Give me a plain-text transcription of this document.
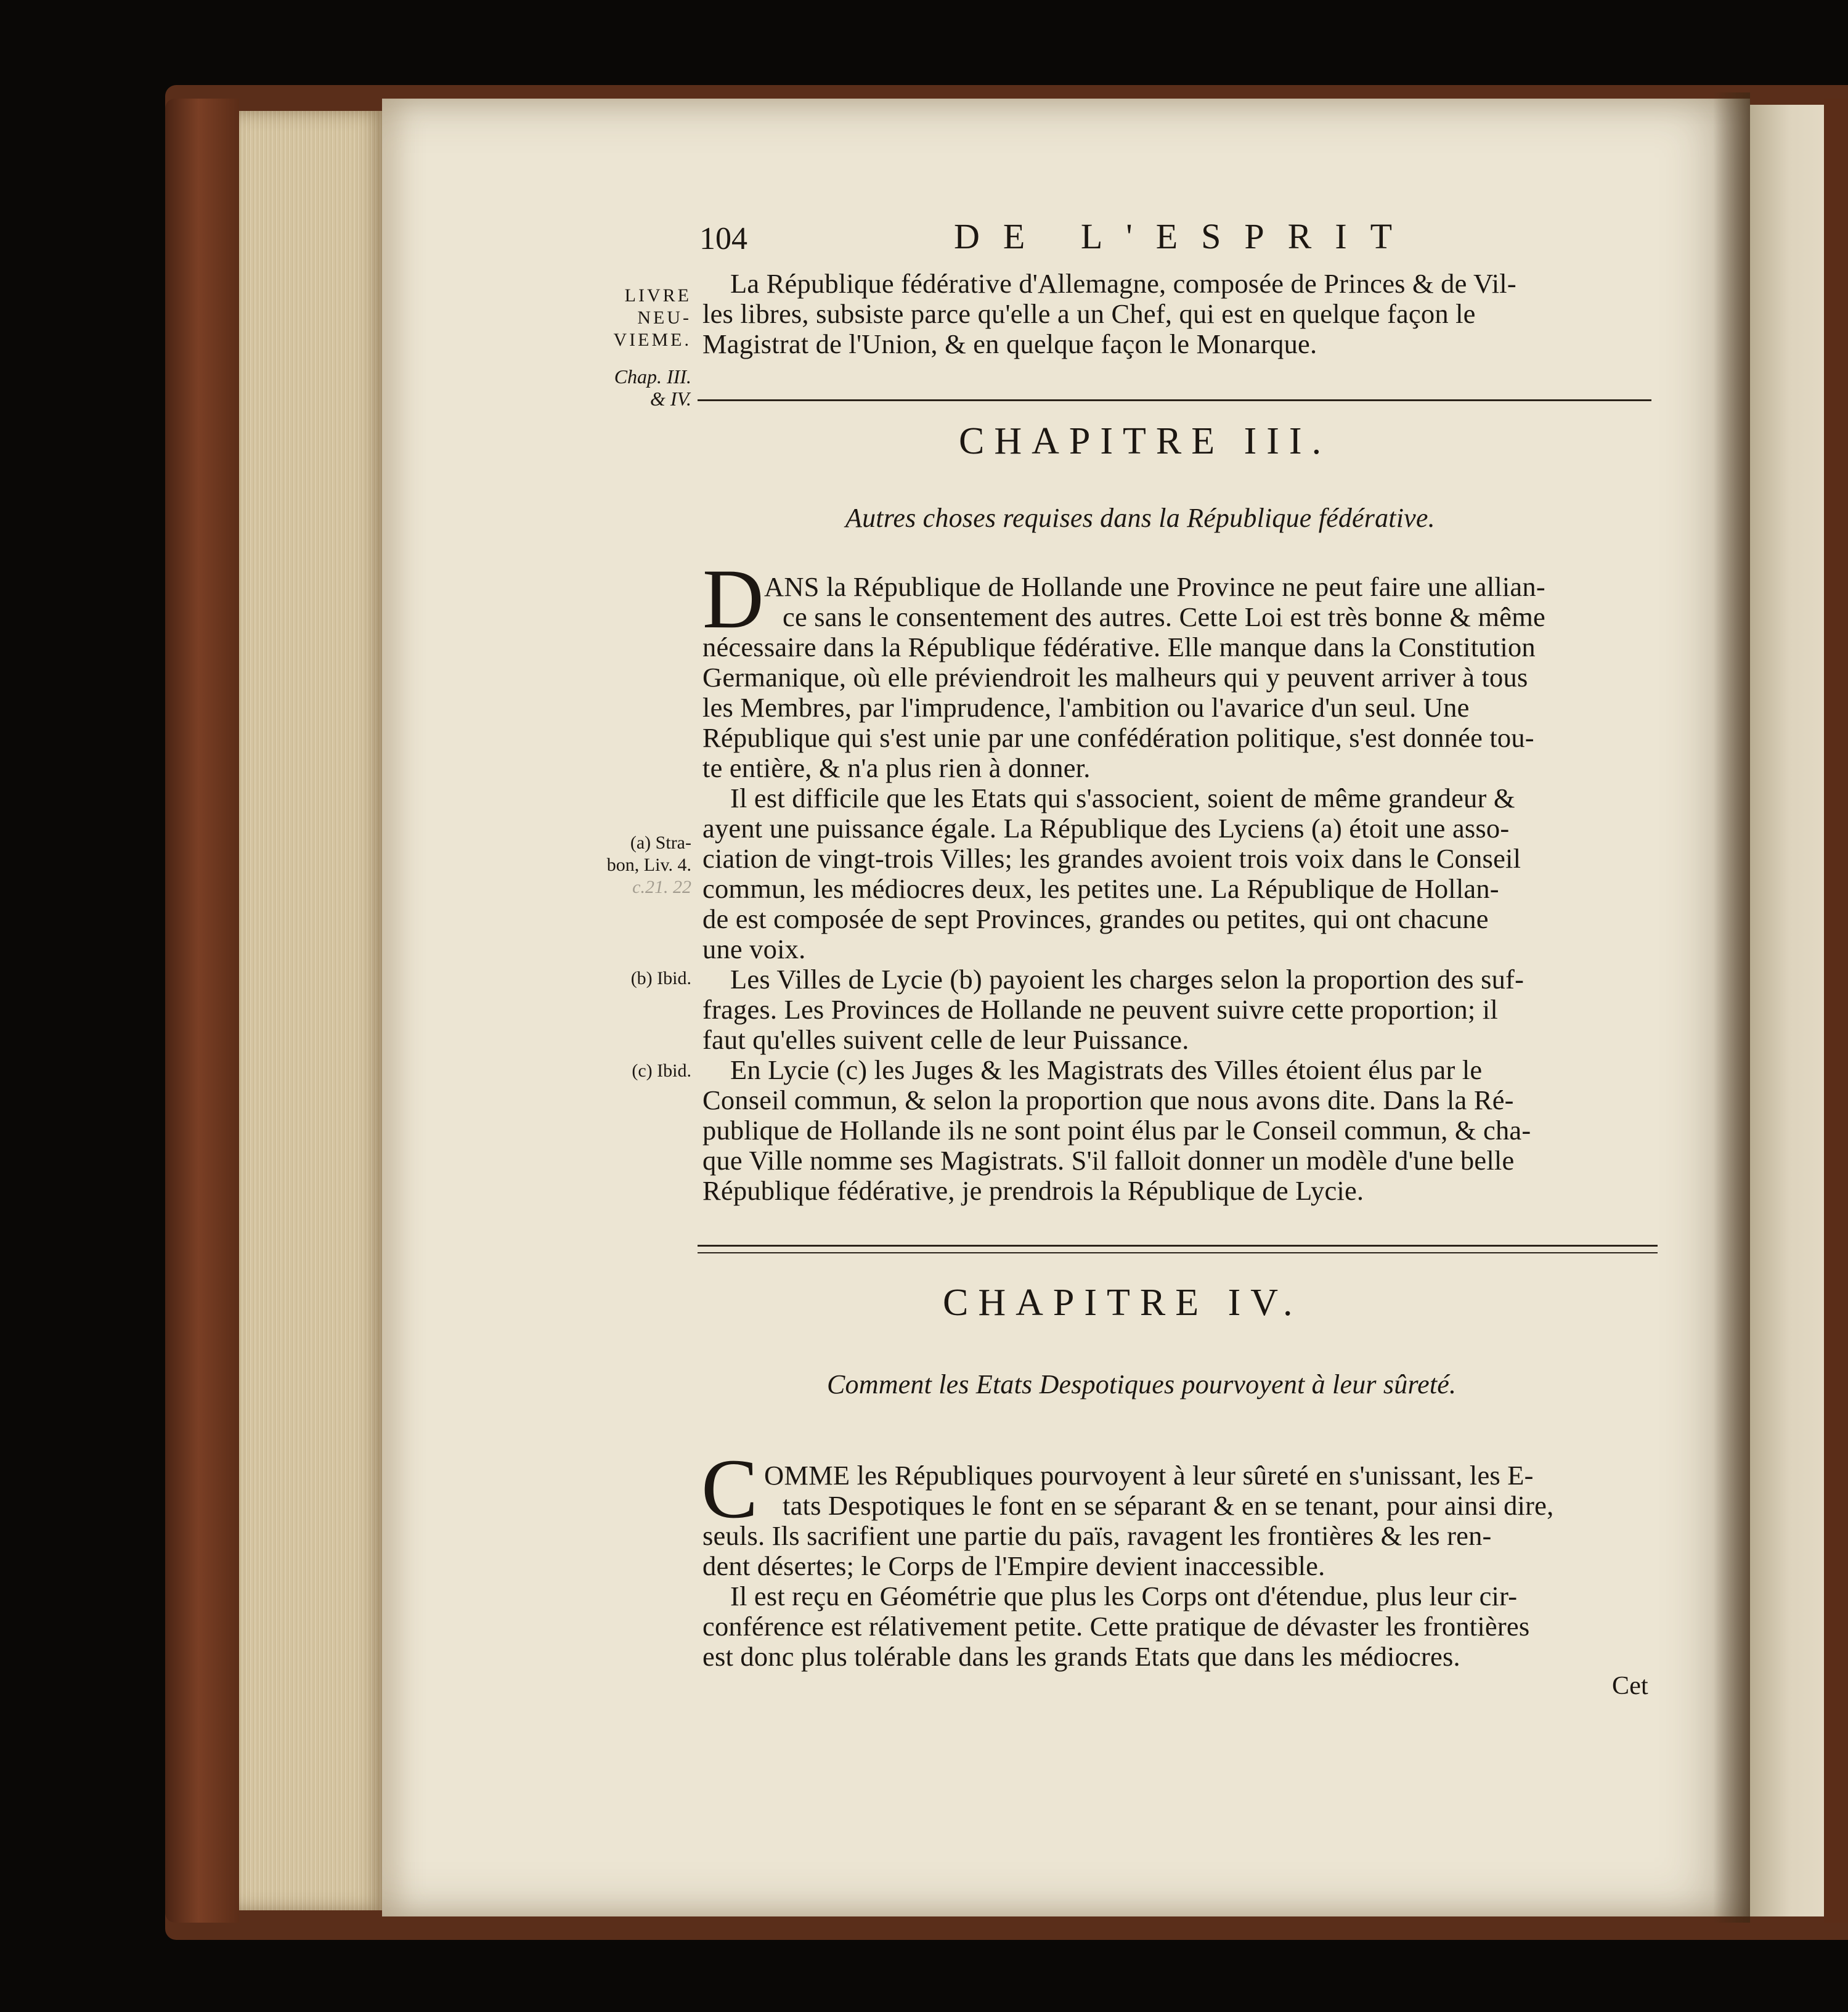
104	DE L'ESPRIT
LIVRE
NEU-
VIEME.
Chap. III.
& IV.
(a) Stra-
bon, Liv. 4.
c.21. 22
(b) Ibid.
(c) Ibid.
La République fédérative d'Allemagne, composée de Princes & de Vil-
les libres, subsiste parce qu'elle a un Chef, qui est en quelque façon le
Magistrat de l'Union, & en quelque façon le Monarque.
CHAPITRE III.
Autres choses requises dans la République fédérative.
D ANS la République de Hollande une Province ne peut faire une allian-
ce sans le consentement des autres. Cette Loi est très bonne & même
nécessaire dans la République fédérative. Elle manque dans la Constitution
Germanique, où elle préviendroit les malheurs qui y peuvent arriver à tous
les Membres, par l'imprudence, l'ambition ou l'avarice d'un seul. Une
République qui s'est unie par une confédération politique, s'est donnée tou-
te entière, & n'a plus rien à donner.
Il est difficile que les Etats qui s'associent, soient de même grandeur &
ayent une puissance égale. La République des Lyciens (a) étoit une asso-
ciation de vingt-trois Villes; les grandes avoient trois voix dans le Conseil
commun, les médiocres deux, les petites une. La République de Hollan-
de est composée de sept Provinces, grandes ou petites, qui ont chacune
une voix.
Les Villes de Lycie (b) payoient les charges selon la proportion des suf-
frages. Les Provinces de Hollande ne peuvent suivre cette proportion; il
faut qu'elles suivent celle de leur Puissance.
En Lycie (c) les Juges & les Magistrats des Villes étoient élus par le
Conseil commun, & selon la proportion que nous avons dite. Dans la Ré-
publique de Hollande ils ne sont point élus par le Conseil commun, & cha-
que Ville nomme ses Magistrats. S'il falloit donner un modèle d'une belle
République fédérative, je prendrois la République de Lycie.
CHAPITRE IV.
Comment les Etats Despotiques pourvoyent à leur sûreté.
C OMME les Républiques pourvoyent à leur sûreté en s'unissant, les E-
tats Despotiques le font en se séparant & en se tenant, pour ainsi dire,
seuls. Ils sacrifient une partie du païs, ravagent les frontières & les ren-
dent désertes; le Corps de l'Empire devient inaccessible.
Il est reçu en Géométrie que plus les Corps ont d'étendue, plus leur cir-
conférence est rélativement petite. Cette pratique de dévaster les frontières
est donc plus tolérable dans les grands Etats que dans les médiocres.
Cet
